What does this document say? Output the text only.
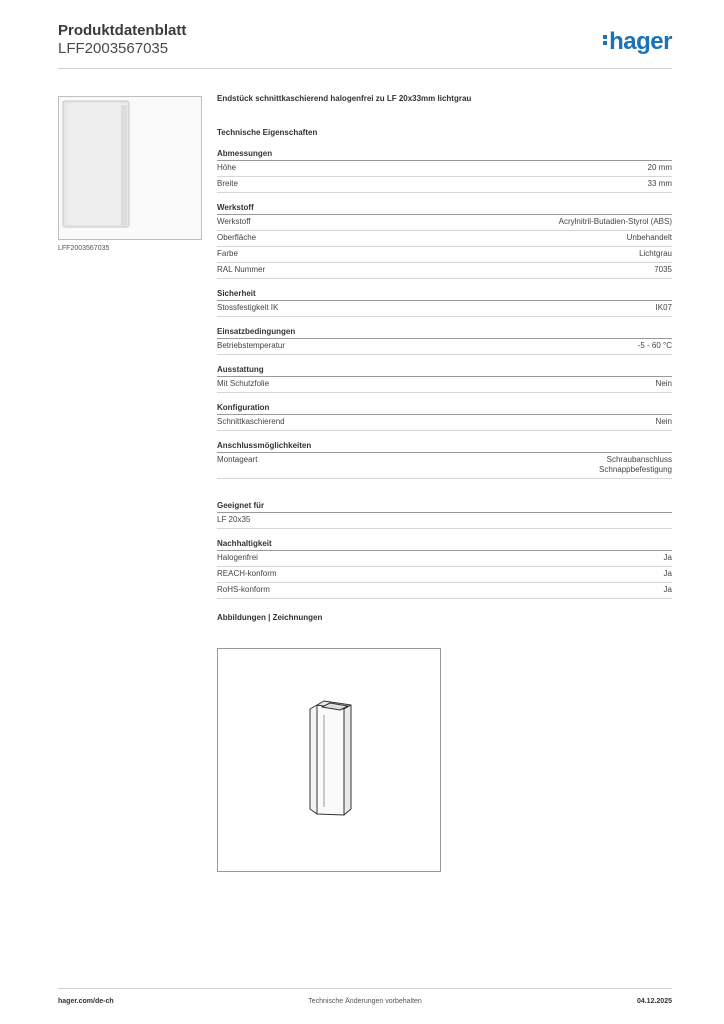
Produktdatenblatt
LFF2003567035	hager
LFF2003567035
Endstück schnittkaschierend halogenfrei zu LF 20x33mm lichtgrau
Technische Eigenschaften
Abmessungen
Höhe	20 mm
Breite	33 mm
Werkstoff
Werkstoff	Acrylnitril-Butadien-Styrol (ABS)
Oberfläche	Unbehandelt
Farbe	Lichtgrau
RAL Nummer	7035
Sicherheit
Stossfestigkeit IK	IK07
Einsatzbedingungen
Betriebstemperatur	-5 - 60 °C
Ausstattung
Mit Schutzfolie	Nein
Konfiguration
Schnittkaschierend	Nein
Anschlussmöglichkeiten
Montageart	Schraubanschluss
Schnappbefestigung
Geeignet für
LF 20x35
Nachhaltigkeit
Halogenfrei	Ja
REACH-konform	Ja
RoHS-konform	Ja
Abbildungen | Zeichnungen
hager.com/de-ch	Technische Änderungen vorbehalten	04.12.2025
